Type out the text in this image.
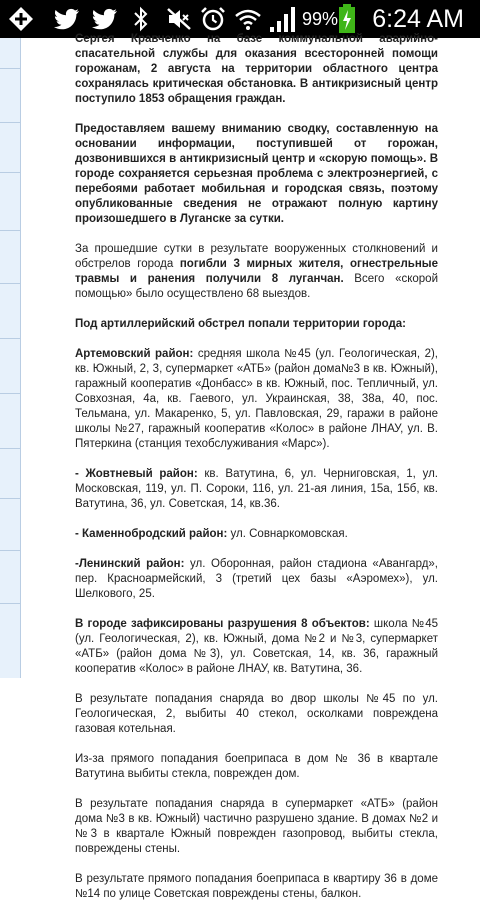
99% 6:24 AM

Сергея Кравченко на базе коммунальной аварийно-спасательной службы для оказания всесторонней помощи горожанам, 2 августа на территории областного центра сохранялась критическая обстановка. В антикризисный центр поступило 1853 обращения граждан.

Предоставляем вашему вниманию сводку, составленную на основании информации, поступившей от горожан, дозвонившихся в антикризисный центр и «скорую помощь». В городе сохраняется серьезная проблема с электроэнергией, с перебоями работает мобильная и городская связь, поэтому опубликованные сведения не отражают полную картину произошедшего в Луганске за сутки.

За прошедшие сутки в результате вооруженных столкновений и обстрелов города погибли 3 мирных жителя, огнестрельные травмы и ранения получили 8 луганчан. Всего «скорой помощью» было осуществлено 68 выездов.

Под артиллерийский обстрел попали территории города:

Артемовский район: средняя школа №45 (ул. Геологическая, 2), кв. Южный, 2, 3, супермаркет «АТБ» (район дома№3 в кв. Южный), гаражный кооператив «Донбасс» в кв. Южный, пос. Тепличный, ул. Совхозная, 4а, кв. Гаевого, ул. Украинская, 38, 38а, 40, пос. Тельмана, ул. Макаренко, 5, ул. Павловская, 29, гаражи в районе школы №27, гаражный кооператив «Колос» в районе ЛНАУ, ул. В. Пятеркина (станция техобслуживания «Марс»).

- Жовтневый район: кв. Ватутина, 6, ул. Черниговская, 1, ул. Московская, 119, ул. П. Сороки, 116, ул. 21-ая линия, 15а, 15б, кв. Ватутина, 36, ул. Советская, 14, кв.36.

- Каменнобродский район: ул. Совнаркомовская.

-Ленинский район: ул. Оборонная, район стадиона «Авангард», пер. Красноармейский, 3 (третий цех базы «Аэромех»), ул. Шелкового, 25.

В городе зафиксированы разрушения 8 объектов: школа №45 (ул. Геологическая, 2), кв. Южный, дома №2 и №3, супермаркет «АТБ» (район дома №3), ул. Советская, 14, кв. 36, гаражный кооператив «Колос» в районе ЛНАУ, кв. Ватутина, 36.

В результате попадания снаряда во двор школы №45 по ул. Геологическая, 2, выбиты 40 стекол, осколками повреждена газовая котельная.

Из-за прямого попадания боеприпаса в дом № 36 в квартале Ватутина выбиты стекла, поврежден дом.

В результате попадания снаряда в супермаркет «АТБ» (район дома №3 в кв. Южный) частично разрушено здание. В домах №2 и №3 в квартале Южный поврежден газопровод, выбиты стекла, повреждены стены.

В результате прямого попадания боеприпаса в квартиру 36 в доме №14 по улице Советская повреждены стены, балкон.
